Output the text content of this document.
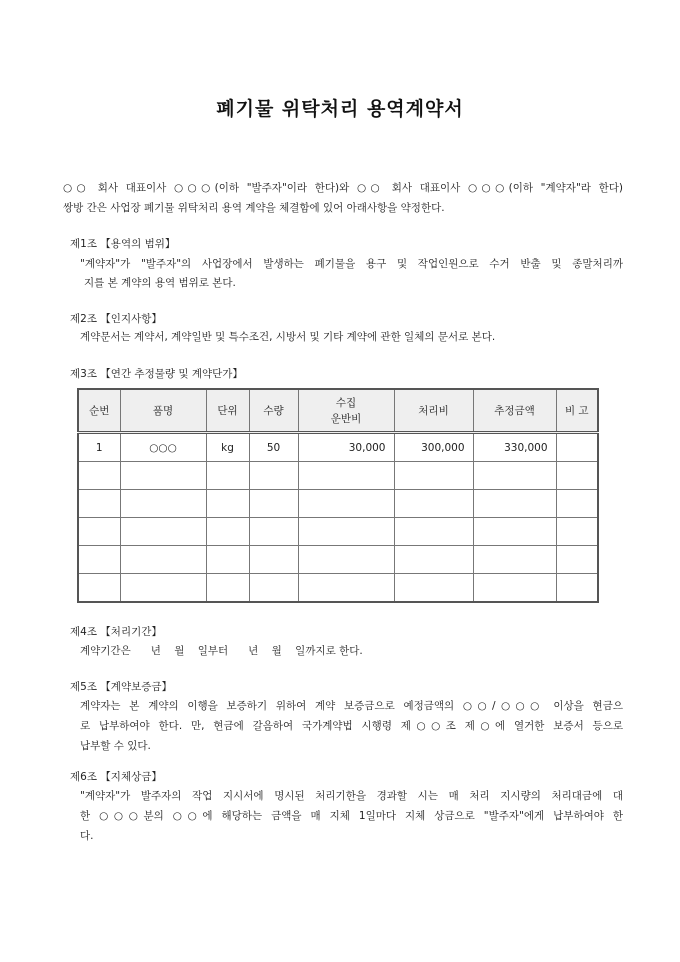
폐기물 위탁처리 용역계약서
○○ 회사 대표이사 ○○○(이하 "발주자"이라 한다)와 ○○ 회사 대표이사 ○○○(이하 "계약자"라 한다)
쌍방 간은 사업장 폐기물 위탁처리 용역 계약을 체결함에 있어 아래사항을 약정한다.
제1조 【용역의 범위】
"계약자"가 "발주자"의 사업장에서 발생하는 폐기물을 용구 및 작업인원으로 수거 반출 및 종말처리까
지를 본 계약의 용역 범위로 본다.
제2조 【인지사항】
계약문서는 계약서, 계약일반 및 특수조건, 시방서 및 기타 계약에 관한 일체의 문서로 본다.
제3조 【연간 추정물량 및 계약단가】
순번	품명	단위	수량	수집
운반비	처리비	추정금액	비 고
1	○○○	kg	50	30,000	300,000	330,000	

제4조 【처리기간】
계약기간은      년    월    일부터      년    월    일까지로 한다.
제5조 【계약보증금】
계약자는 본 계약의 이행을 보증하기 위하여 계약 보증금으로 예정금액의 ○○/○○○ 이상을 현금으
로 납부하여야 한다. 만, 현금에 갈음하여 국가계약법 시행령 제○○조 제○에 열거한 보증서 등으로
납부할 수 있다.
제6조 【지체상금】
"계약자"가 발주자의 작업 지시서에 명시된 처리기한을 경과할 시는 매 처리 지시량의 처리대금에 대
한 ○○○분의 ○○에 해당하는 금액을 매 지체 1일마다 지체 상금으로 "발주자"에게 납부하여야 한
다.
